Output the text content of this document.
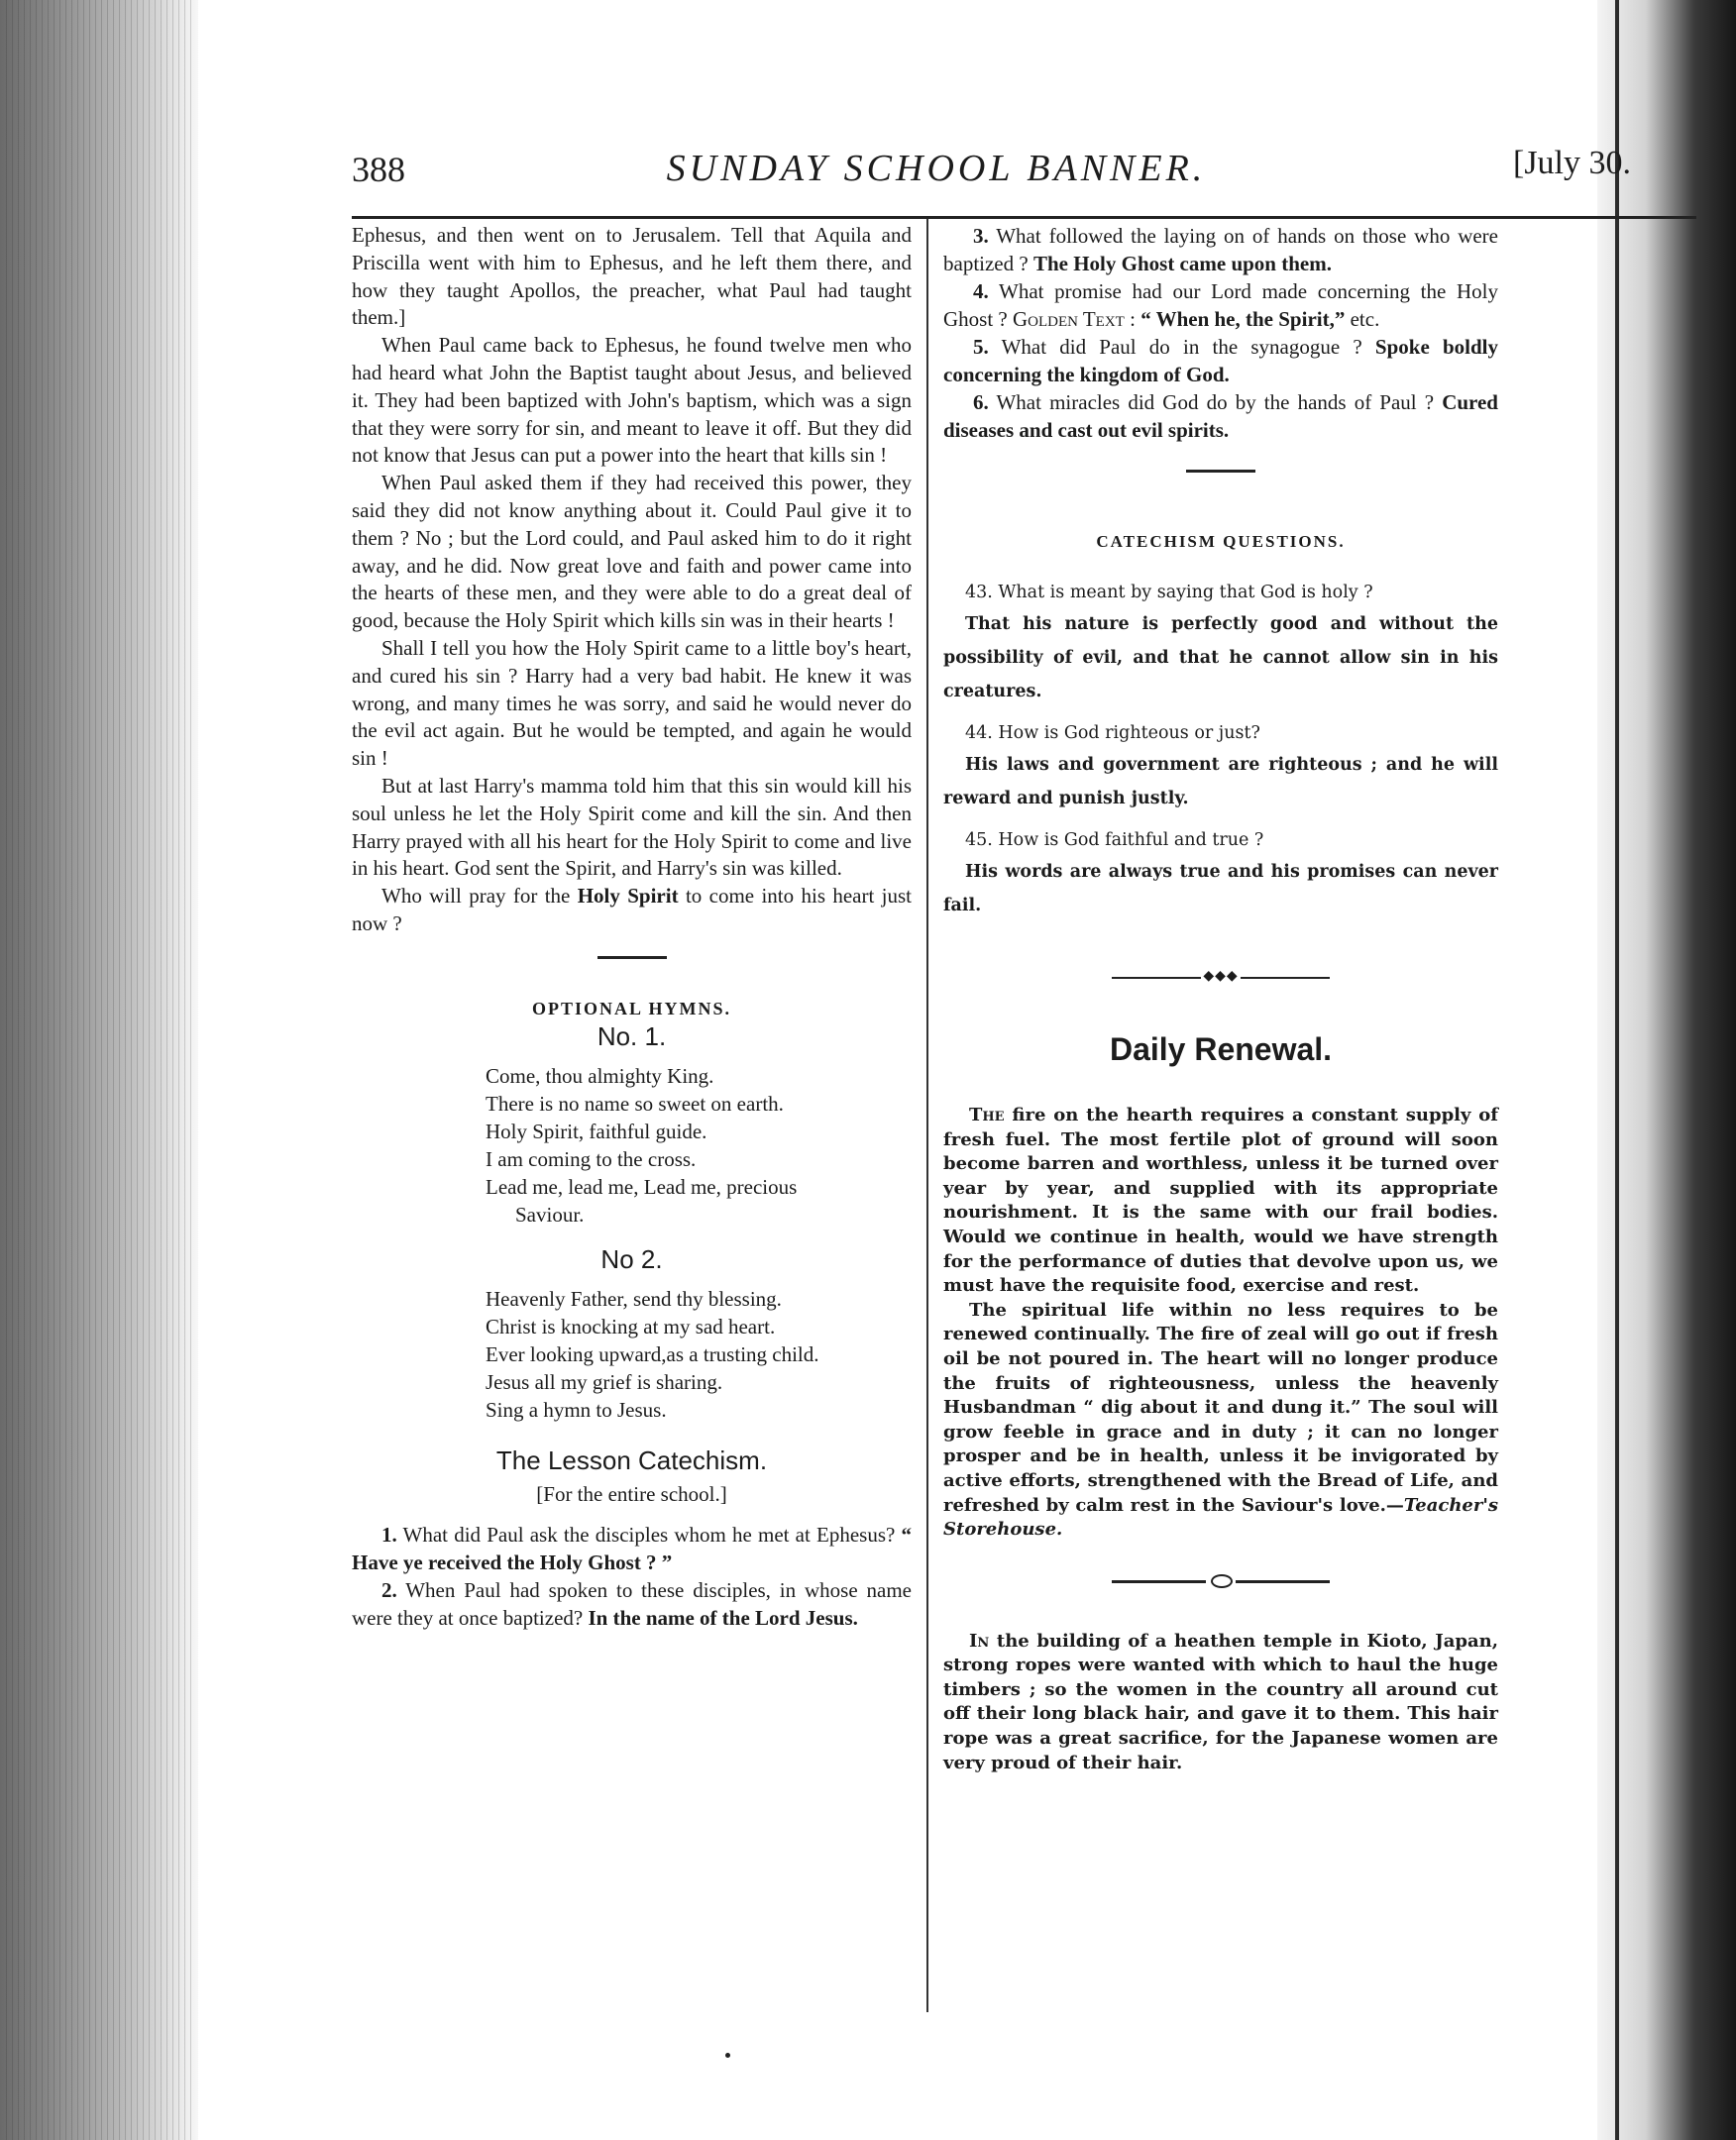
388	SUNDAY SCHOOL BANNER.	[July 30.

Ephesus, and then went on to Jerusalem. Tell that Aquila and Priscilla went with him to Ephesus, and he left them there, and how they taught Apollos, the preacher, what Paul had taught them.]

When Paul came back to Ephesus, he found twelve men who had heard what John the Baptist taught about Jesus, and believed it. They had been baptized with John's baptism, which was a sign that they were sorry for sin, and meant to leave it off. But they did not know that Jesus can put a power into the heart that kills sin !

When Paul asked them if they had received this power, they said they did not know anything about it. Could Paul give it to them ? No ; but the Lord could, and Paul asked him to do it right away, and he did. Now great love and faith and power came into the hearts of these men, and they were able to do a great deal of good, because the Holy Spirit which kills sin was in their hearts !

Shall I tell you how the Holy Spirit came to a little boy's heart, and cured his sin ? Harry had a very bad habit. He knew it was wrong, and many times he was sorry, and said he would never do the evil act again. But he would be tempted, and again he would sin !

But at last Harry's mamma told him that this sin would kill his soul unless he let the Holy Spirit come and kill the sin. And then Harry prayed with all his heart for the Holy Spirit to come and live in his heart. God sent the Spirit, and Harry's sin was killed.

Who will pray for the Holy Spirit to come into his heart just now ?

OPTIONAL HYMNS.
No. 1.
Come, thou almighty King.
There is no name so sweet on earth.
Holy Spirit, faithful guide.
I am coming to the cross.
Lead me, lead me, Lead me, precious
Saviour.
No 2.
Heavenly Father, send thy blessing.
Christ is knocking at my sad heart.
Ever looking upward,as a trusting child.
Jesus all my grief is sharing.
Sing a hymn to Jesus.
The Lesson Catechism.
[For the entire school.]

1. What did Paul ask the disciples whom he met at Ephesus? “ Have ye received the Holy Ghost ? ”

2. When Paul had spoken to these disciples, in whose name were they at once baptized? In the name of the Lord Jesus.

3. What followed the laying on of hands on those who were baptized ? The Holy Ghost came upon them.

4. What promise had our Lord made concerning the Holy Ghost ? Golden Text : “ When he, the Spirit,” etc.

5. What did Paul do in the synagogue ? Spoke boldly concerning the kingdom of God.

6. What miracles did God do by the hands of Paul ? Cured diseases and cast out evil spirits.

CATECHISM QUESTIONS.

43. What is meant by saying that God is holy ?

That his nature is perfectly good and without the possibility of evil, and that he cannot allow sin in his creatures.

44. How is God righteous or just?

His laws and government are righteous ; and he will reward and punish justly.

45. How is God faithful and true ?

His words are always true and his promises can never fail.

◆◆◆
Daily Renewal.

The fire on the hearth requires a constant supply of fresh fuel. The most fertile plot of ground will soon become barren and worthless, unless it be turned over year by year, and supplied with its appropriate nourishment. It is the same with our frail bodies. Would we continue in health, would we have strength for the performance of duties that devolve upon us, we must have the requisite food, exercise and rest.

The spiritual life within no less requires to be renewed continually. The fire of zeal will go out if fresh oil be not poured in. The heart will no longer produce the fruits of righteousness, unless the heavenly Husbandman “ dig about it and dung it.” The soul will grow feeble in grace and in duty ; it can no longer prosper and be in health, unless it be invigorated by active efforts, strengthened with the Bread of Life, and refreshed by calm rest in the Saviour's love.—Teacher's Storehouse.

In the building of a heathen temple in Kioto, Japan, strong ropes were wanted with which to haul the huge timbers ; so the women in the country all around cut off their long black hair, and gave it to them. This hair rope was a great sacrifice, for the Japanese women are very proud of their hair.
